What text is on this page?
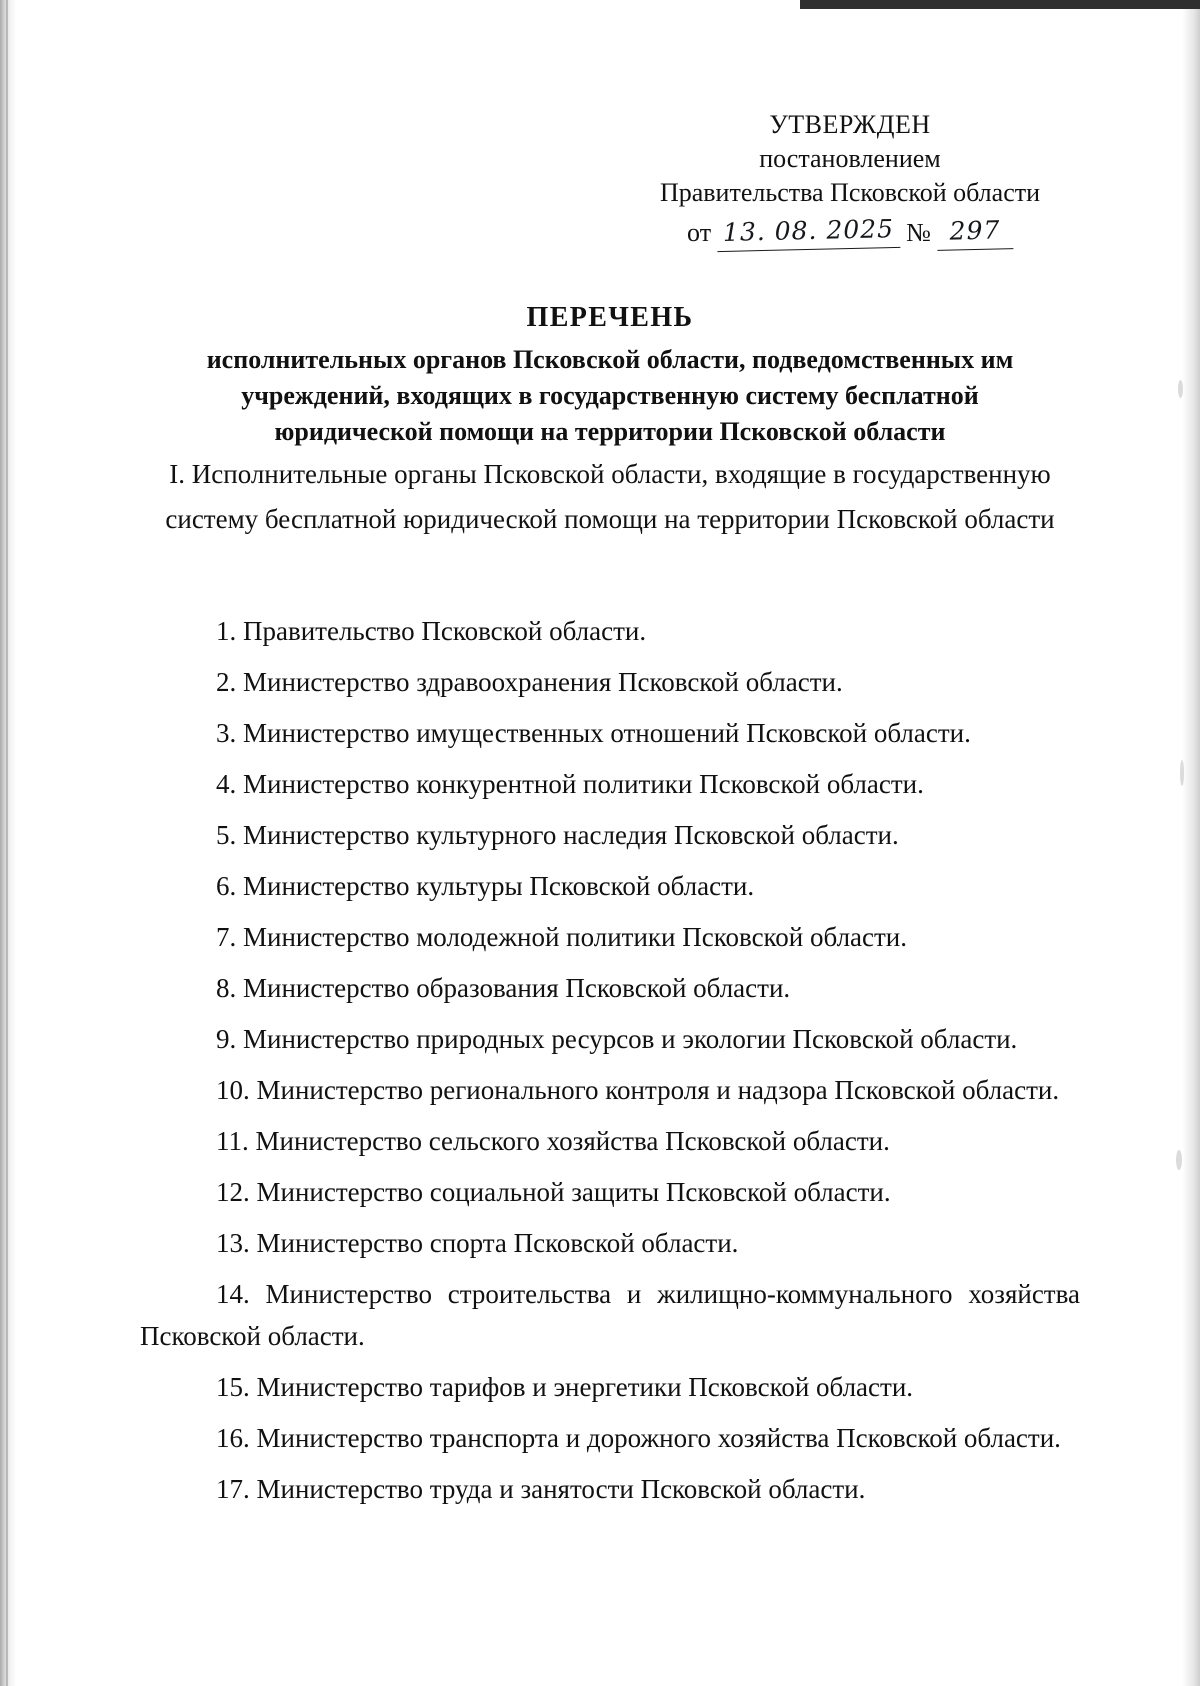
УТВЕРЖДЕН
постановлением
Правительства Псковской области
от 13. 08. 2025 № 297
ПЕРЕЧЕНЬ
исполнительных органов Псковской области, подведомственных им учреждений, входящих в государственную систему бесплатной юридической помощи на территории Псковской области
I. Исполнительные органы Псковской области, входящие в государственную систему бесплатной юридической помощи на территории Псковской области
1. Правительство Псковской области.
2. Министерство здравоохранения Псковской области.
3. Министерство имущественных отношений Псковской области.
4. Министерство конкурентной политики Псковской области.
5. Министерство культурного наследия Псковской области.
6. Министерство культуры Псковской области.
7. Министерство молодежной политики Псковской области.
8. Министерство образования Псковской области.
9. Министерство природных ресурсов и экологии Псковской области.
10. Министерство регионального контроля и надзора Псковской области.
11. Министерство сельского хозяйства Псковской области.
12. Министерство социальной защиты Псковской области.
13. Министерство спорта Псковской области.
14. Министерство строительства и жилищно-коммунального хозяйства Псковской области.
15. Министерство тарифов и энергетики Псковской области.
16. Министерство транспорта и дорожного хозяйства Псковской области.
17. Министерство труда и занятости Псковской области.
